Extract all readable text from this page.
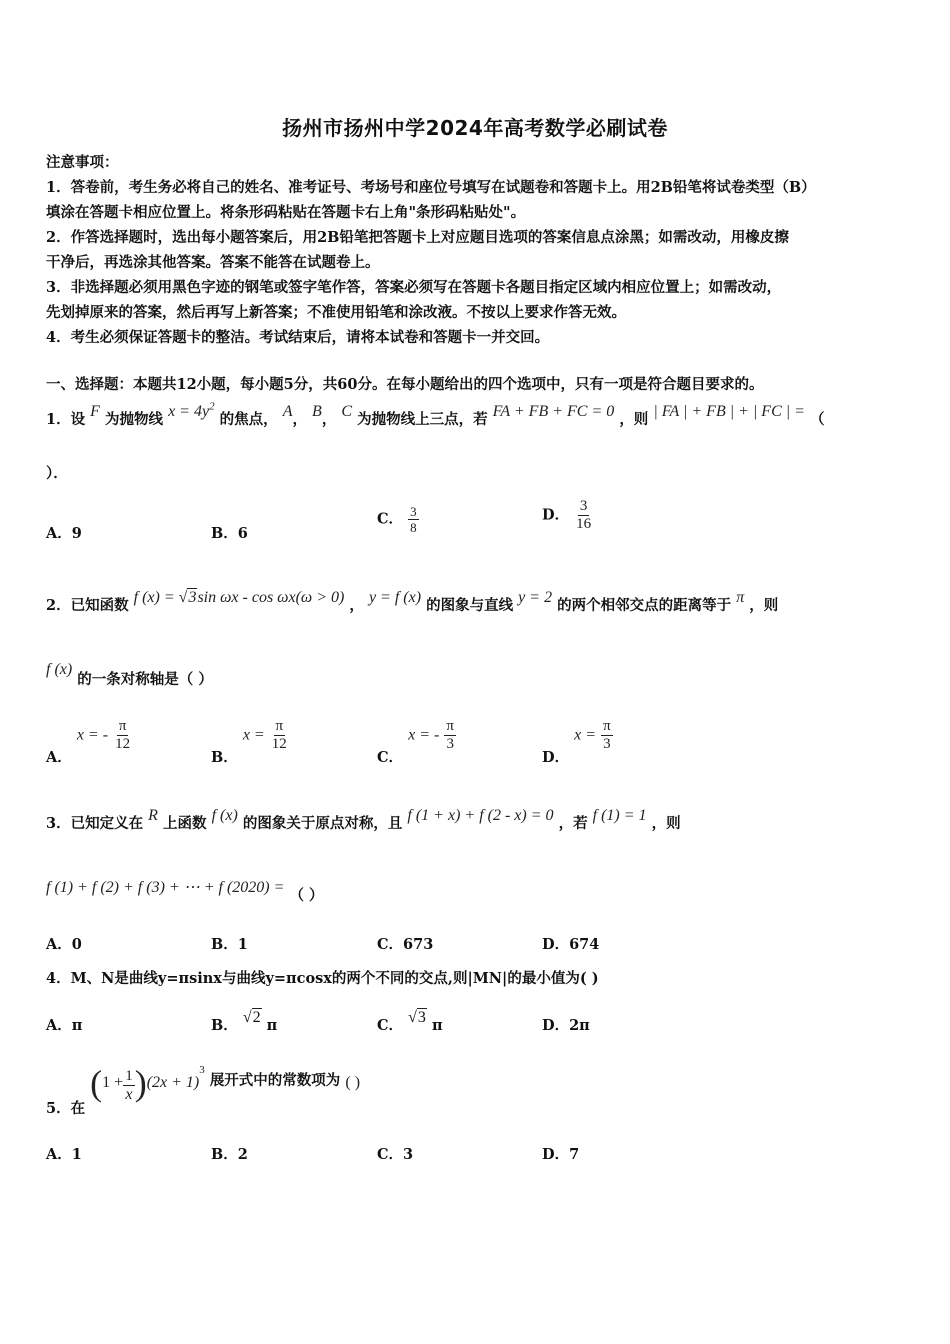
扬州市扬州中学2024年高考数学必刷试卷

注意事项：

1．答卷前，考生务必将自己的姓名、准考证号、考场号和座位号填写在试题卷和答题卡上。用2B铅笔将试卷类型（B）

填涂在答题卡相应位置上。将条形码粘贴在答题卡右上角"条形码粘贴处"。

2．作答选择题时，选出每小题答案后，用2B铅笔把答题卡上对应题目选项的答案信息点涂黑；如需改动，用橡皮擦

干净后，再选涂其他答案。答案不能答在试题卷上。

3．非选择题必须用黑色字迹的钢笔或签字笔作答，答案必须写在答题卡各题目指定区域内相应位置上；如需改动，

先划掉原来的答案，然后再写上新答案；不准使用铅笔和涂改液。不按以上要求作答无效。

4．考生必须保证答题卡的整洁。考试结束后，请将本试卷和答题卡一并交回。

一、选择题：本题共12小题，每小题5分，共60分。在每小题给出的四个选项中，只有一项是符合题目要求的。
1．设 F 为抛物线 $x = 4y^2$ 的焦点， A， B， C 为抛物线上三点，若 FA + FB + FC = 0 ，则 | FA | + FB | + | FC | = （
）．
A．9	B．6
C． $\frac{3}{8}$	D． $\frac{3}{16}$
2．已知函数 f (x) = √3sin ωx - cos ωx(ω > 0) ， y = f (x) 的图象与直线 y = 2 的两个相邻交点的距离等于 π ，则
f (x) 的一条对称轴是（ ）
A． x = - $\frac{\pi}{12}$
B． $x = \frac{\pi}{12}$
C． x = - $\frac{\pi}{3}$
D． $x = \frac{\pi}{3}$
3．已知定义在 R 上函数 f (x) 的图象关于原点对称，且 f (1 + x) + f (2 - x) = 0 ，若 f (1) = 1 ，则
f (1) + f (2) + f (3) + ⋯ + f (2020) = （ ）
A．0	B．1	C．673	D．674
4．M、N是曲线y=πsinx与曲线y=πcosx的两个不同的交点,则|MN|的最小值为( )
A．π	B． √2 π	C． √3 π	D．2π
5．在 $(1 + \frac{1}{x} )(2x + 1)^3$ 展开式中的常数项为 ( )
A．1	B．2	C．3	D．7
